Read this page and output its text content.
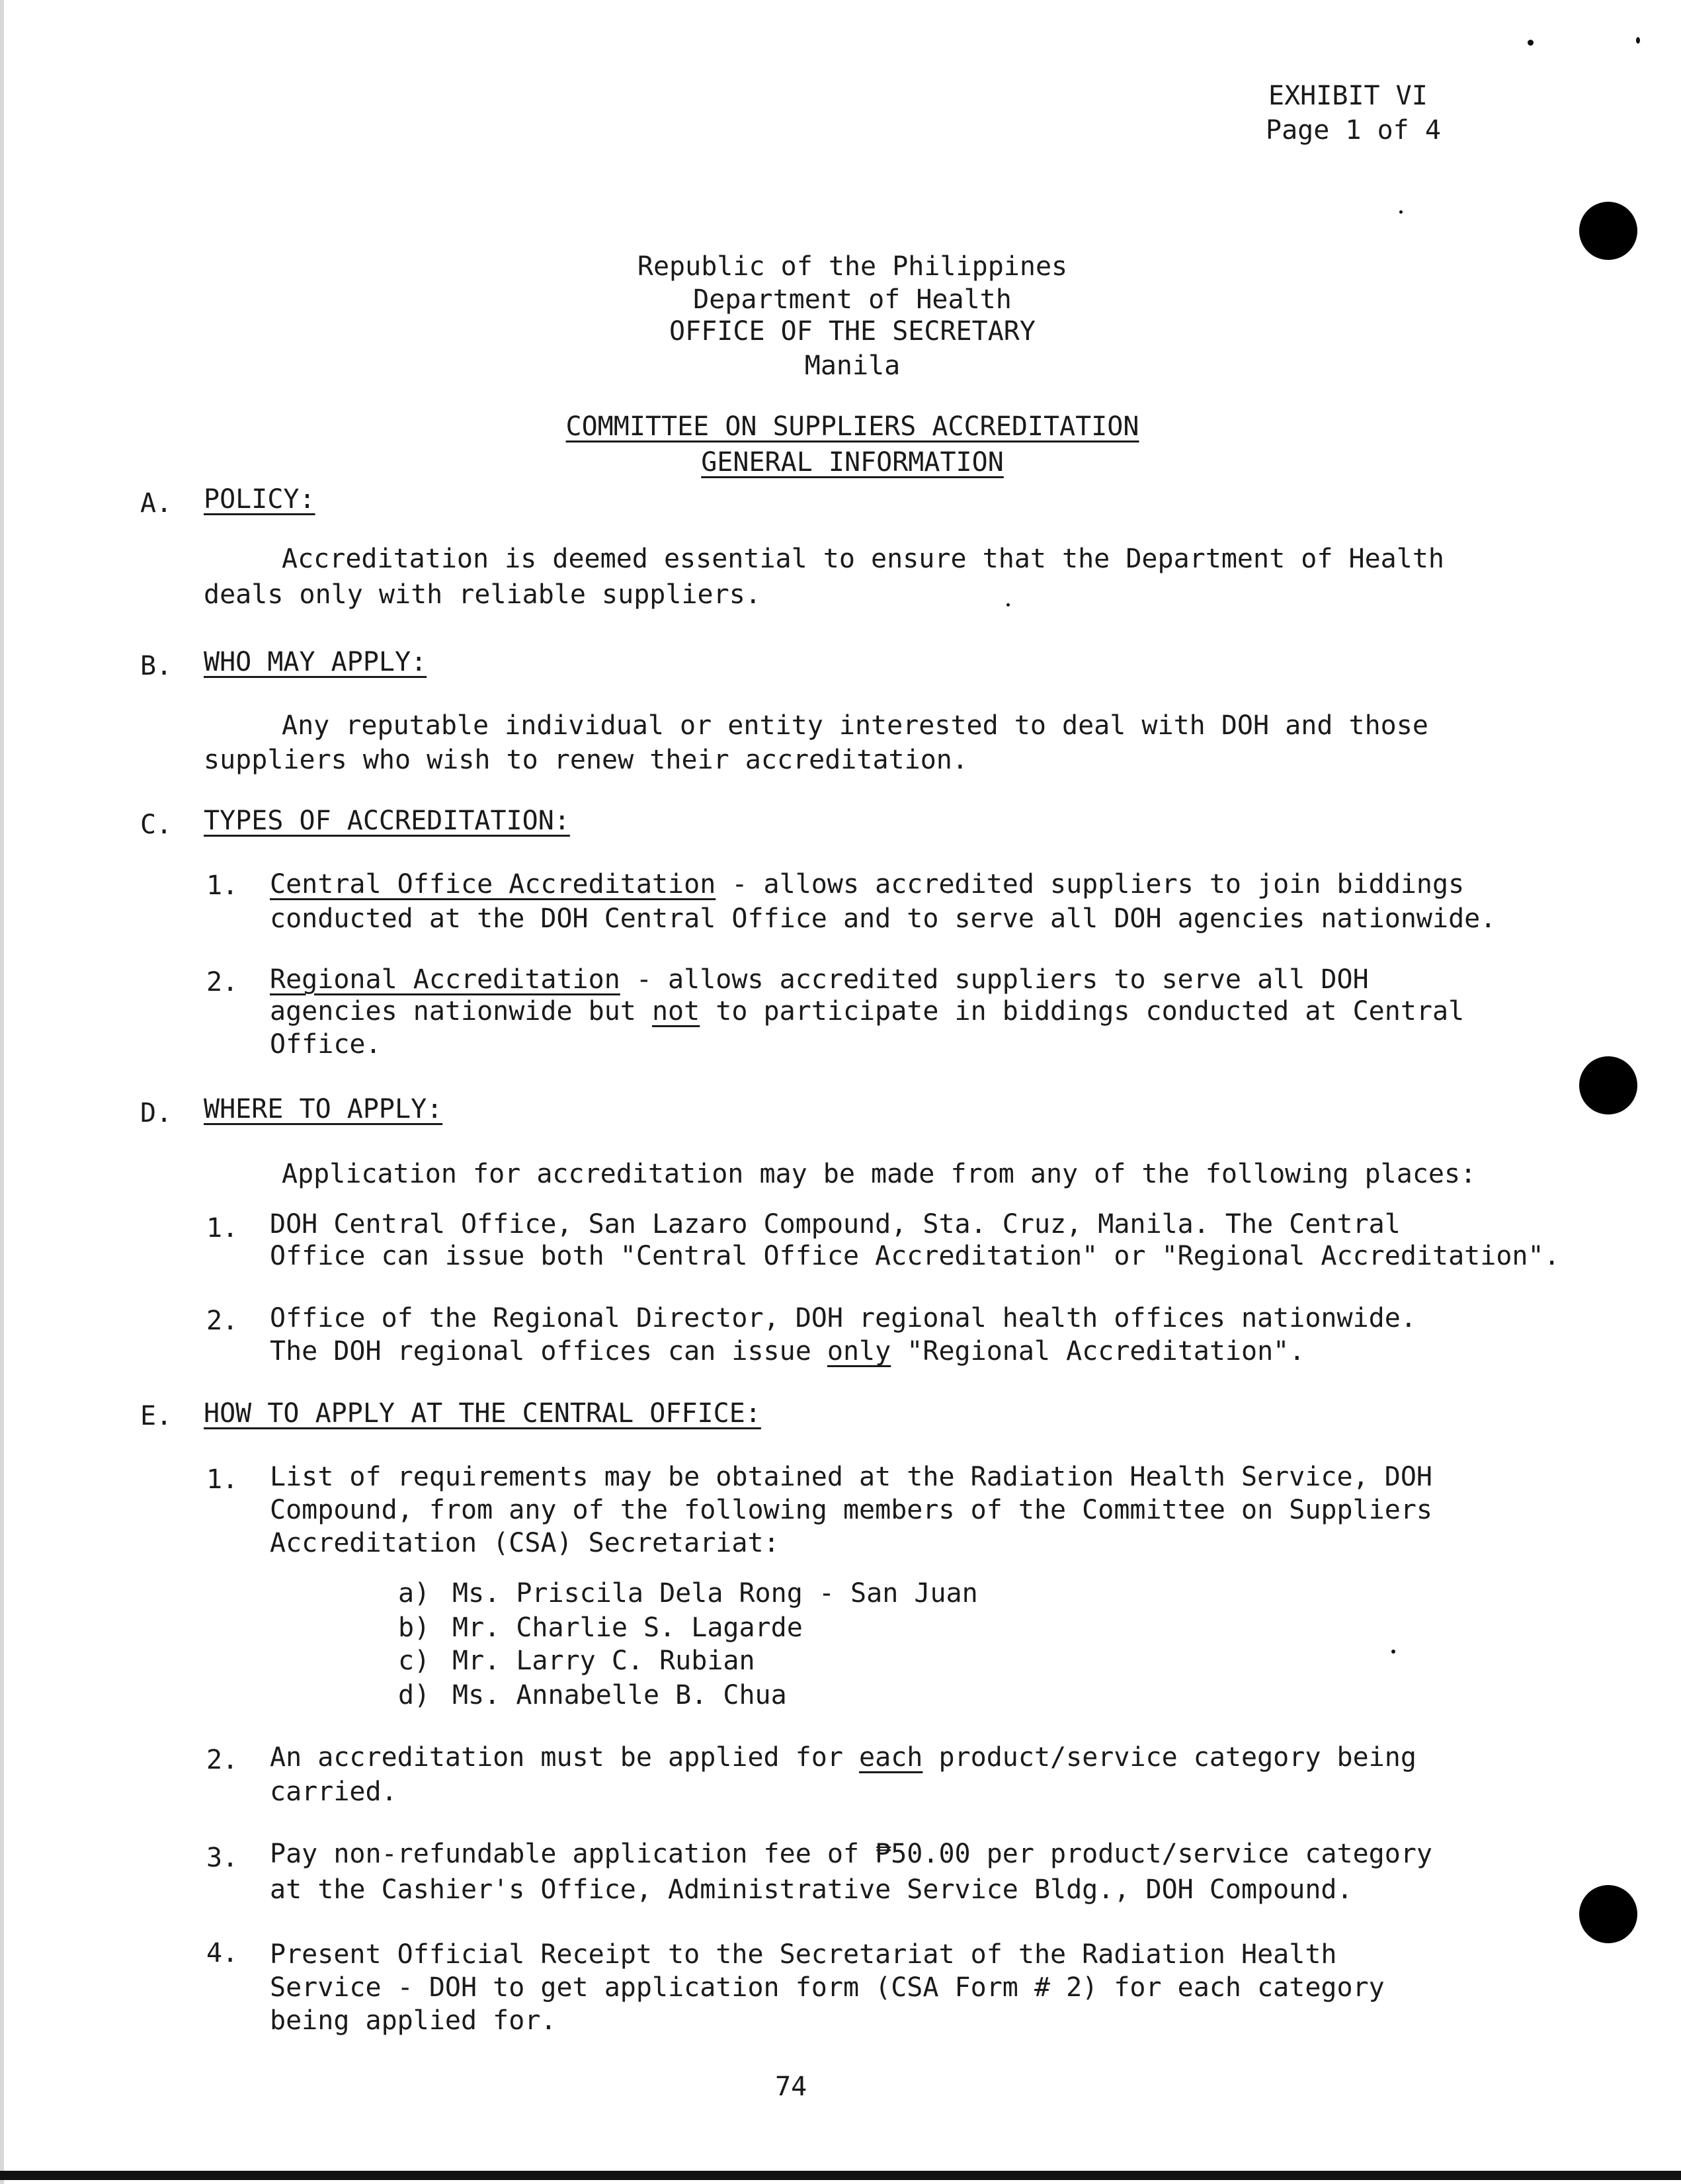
EXHIBIT VI
Page 1 of 4
Republic of the Philippines
Department of Health
OFFICE OF THE SECRETARY
Manila
COMMITTEE ON SUPPLIERS ACCREDITATION
GENERAL INFORMATION
A. POLICY:
Accreditation is deemed essential to ensure that the Department of Health
deals only with reliable suppliers.
B. WHO MAY APPLY:
Any reputable individual or entity interested to deal with DOH and those
suppliers who wish to renew their accreditation.
C. TYPES OF ACCREDITATION:
1. Central Office Accreditation - allows accredited suppliers to join biddings
conducted at the DOH Central Office and to serve all DOH agencies nationwide.
2. Regional Accreditation - allows accredited suppliers to serve all DOH
agencies nationwide but not to participate in biddings conducted at Central
Office.
D. WHERE TO APPLY:
Application for accreditation may be made from any of the following places:
1. DOH Central Office, San Lazaro Compound, Sta. Cruz, Manila. The Central
Office can issue both "Central Office Accreditation" or "Regional Accreditation".
2. Office of the Regional Director, DOH regional health offices nationwide.
The DOH regional offices can issue only "Regional Accreditation".
E. HOW TO APPLY AT THE CENTRAL OFFICE:
1. List of requirements may be obtained at the Radiation Health Service, DOH
Compound, from any of the following members of the Committee on Suppliers
Accreditation (CSA) Secretariat:
a) Ms. Priscila Dela Rong - San Juan
b) Mr. Charlie S. Lagarde
c) Mr. Larry C. Rubian
d) Ms. Annabelle B. Chua
2. An accreditation must be applied for each product/service category being
carried.
3. Pay non-refundable application fee of ₱50.00 per product/service category
at the Cashier's Office, Administrative Service Bldg., DOH Compound.
4. Present Official Receipt to the Secretariat of the Radiation Health
Service - DOH to get application form (CSA Form # 2) for each category
being applied for.
74
